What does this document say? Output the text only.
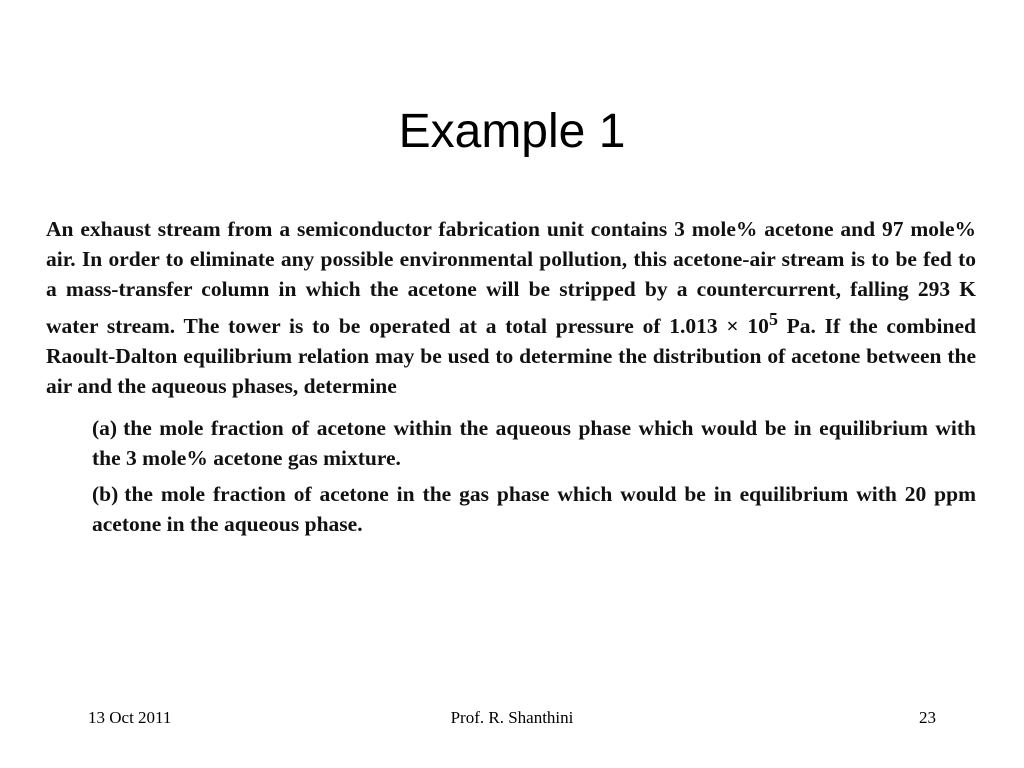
Example 1

An exhaust stream from a semiconductor fabrication unit contains 3 mole% acetone and 97 mole% air. In order to eliminate any possible environmental pollution, this acetone-air stream is to be fed to a mass-transfer column in which the acetone will be stripped by a countercurrent, falling 293 K water stream. The tower is to be operated at a total pressure of $1.013 \times 10^5$ Pa. If the combined Raoult-Dalton equilibrium relation may be used to determine the distribution of acetone between the air and the aqueous phases, determine

(a) the mole fraction of acetone within the aqueous phase which would be in equilibrium with the 3 mole% acetone gas mixture.

(b) the mole fraction of acetone in the gas phase which would be in equilibrium with 20 ppm acetone in the aqueous phase.

13 Oct 2011	Prof. R. Shanthini	23
